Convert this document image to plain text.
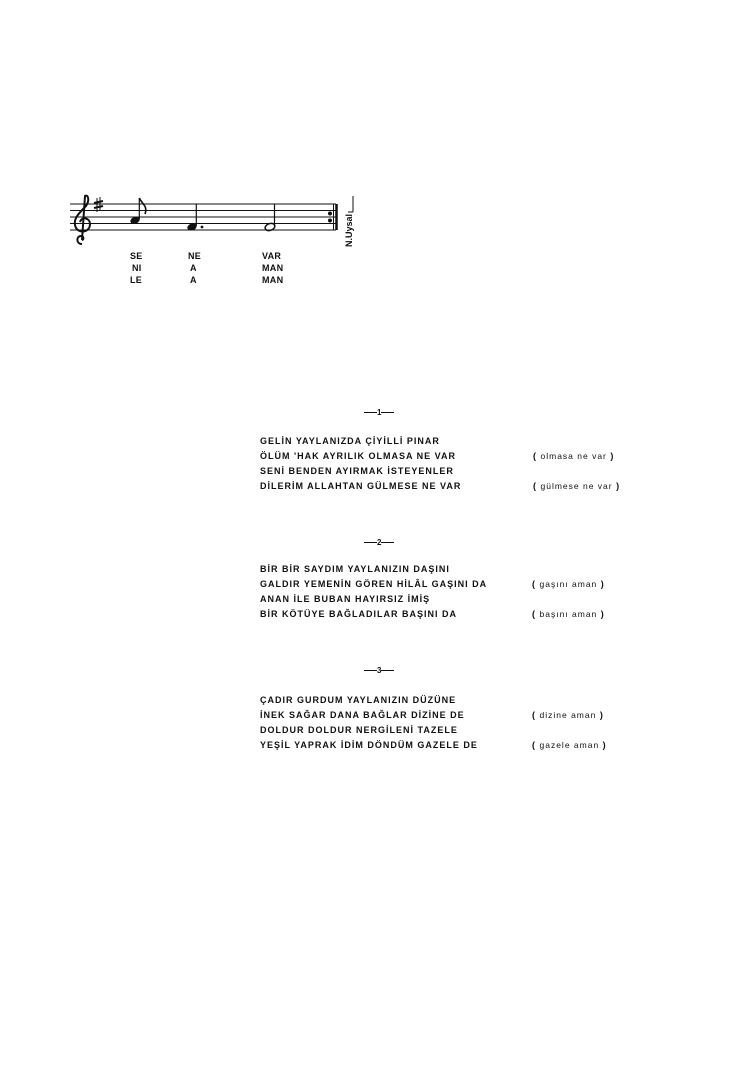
N.Uysal
SE	NE	VAR
NI	A	MAN
LE	A	MAN
1
GELİN YAYLANIZDA ÇİYİLLİ PINAR
ÖLÜM 'HAK AYRILIK OLMASA NE VAR	( olmasa ne var )
SENİ BENDEN AYIRMAK İSTEYENLER
DİLERİM ALLAHTAN GÜLMESE NE VAR	( gülmese ne var )
2
BİR BİR SAYDIM YAYLANIZIN DAŞINI
GALDIR YEMENİN GÖREN HİLÂL GAŞINI DA	( gaşını aman )
ANAN İLE BUBAN HAYIRSIZ İMİŞ
BİR KÖTÜYE BAĞLADILAR BAŞINI DA	( başını aman )
3
ÇADIR GURDUM YAYLANIZIN DÜZÜNE
İNEK SAĞAR DANA BAĞLAR DİZİNE DE	( dizine aman )
DOLDUR DOLDUR NERGİLENİ TAZELE
YEŞİL YAPRAK İDİM DÖNDÜM GAZELE DE	( gazele aman )
